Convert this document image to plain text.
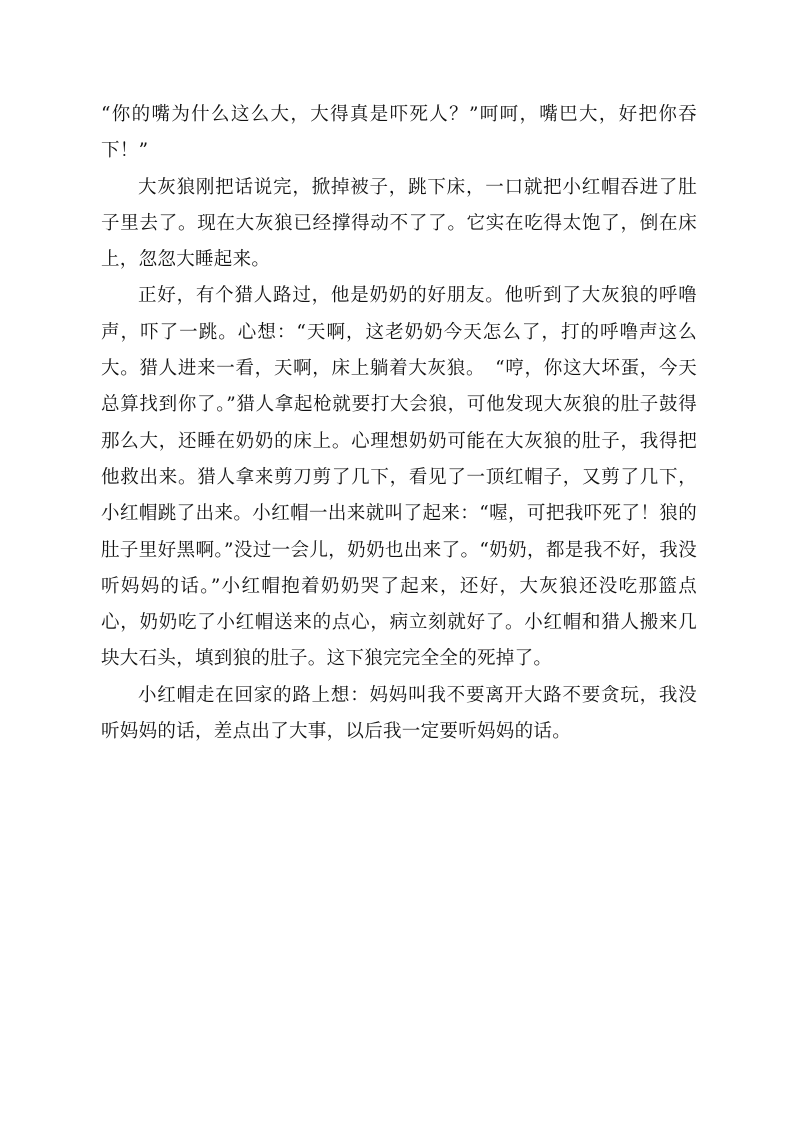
“你的嘴为什么这么大，大得真是吓死人？”呵呵，嘴巴大，好把你吞下！”

大灰狼刚把话说完，掀掉被子，跳下床，一口就把小红帽吞进了肚子里去了。现在大灰狼已经撑得动不了了。它实在吃得太饱了，倒在床上，忽忽大睡起来。

正好，有个猎人路过，他是奶奶的好朋友。他听到了大灰狼的呼噜声，吓了一跳。心想：“天啊，这老奶奶今天怎么了，打的呼噜声这么大。猎人进来一看，天啊，床上躺着大灰狼。　“哼，你这大坏蛋，今天总算找到你了。”猎人拿起枪就要打大会狼，可他发现大灰狼的肚子鼓得那么大，还睡在奶奶的床上。心理想奶奶可能在大灰狼的肚子，我得把他救出来。猎人拿来剪刀剪了几下，看见了一顶红帽子，又剪了几下，小红帽跳了出来。小红帽一出来就叫了起来：“喔，可把我吓死了！狼的肚子里好黑啊。”没过一会儿，奶奶也出来了。“奶奶，都是我不好，我没听妈妈的话。”小红帽抱着奶奶哭了起来，还好，大灰狼还没吃那篮点心，奶奶吃了小红帽送来的点心，病立刻就好了。小红帽和猎人搬来几块大石头，填到狼的肚子。这下狼完完全全的死掉了。

小红帽走在回家的路上想：妈妈叫我不要离开大路不要贪玩，我没听妈妈的话，差点出了大事，以后我一定要听妈妈的话。
